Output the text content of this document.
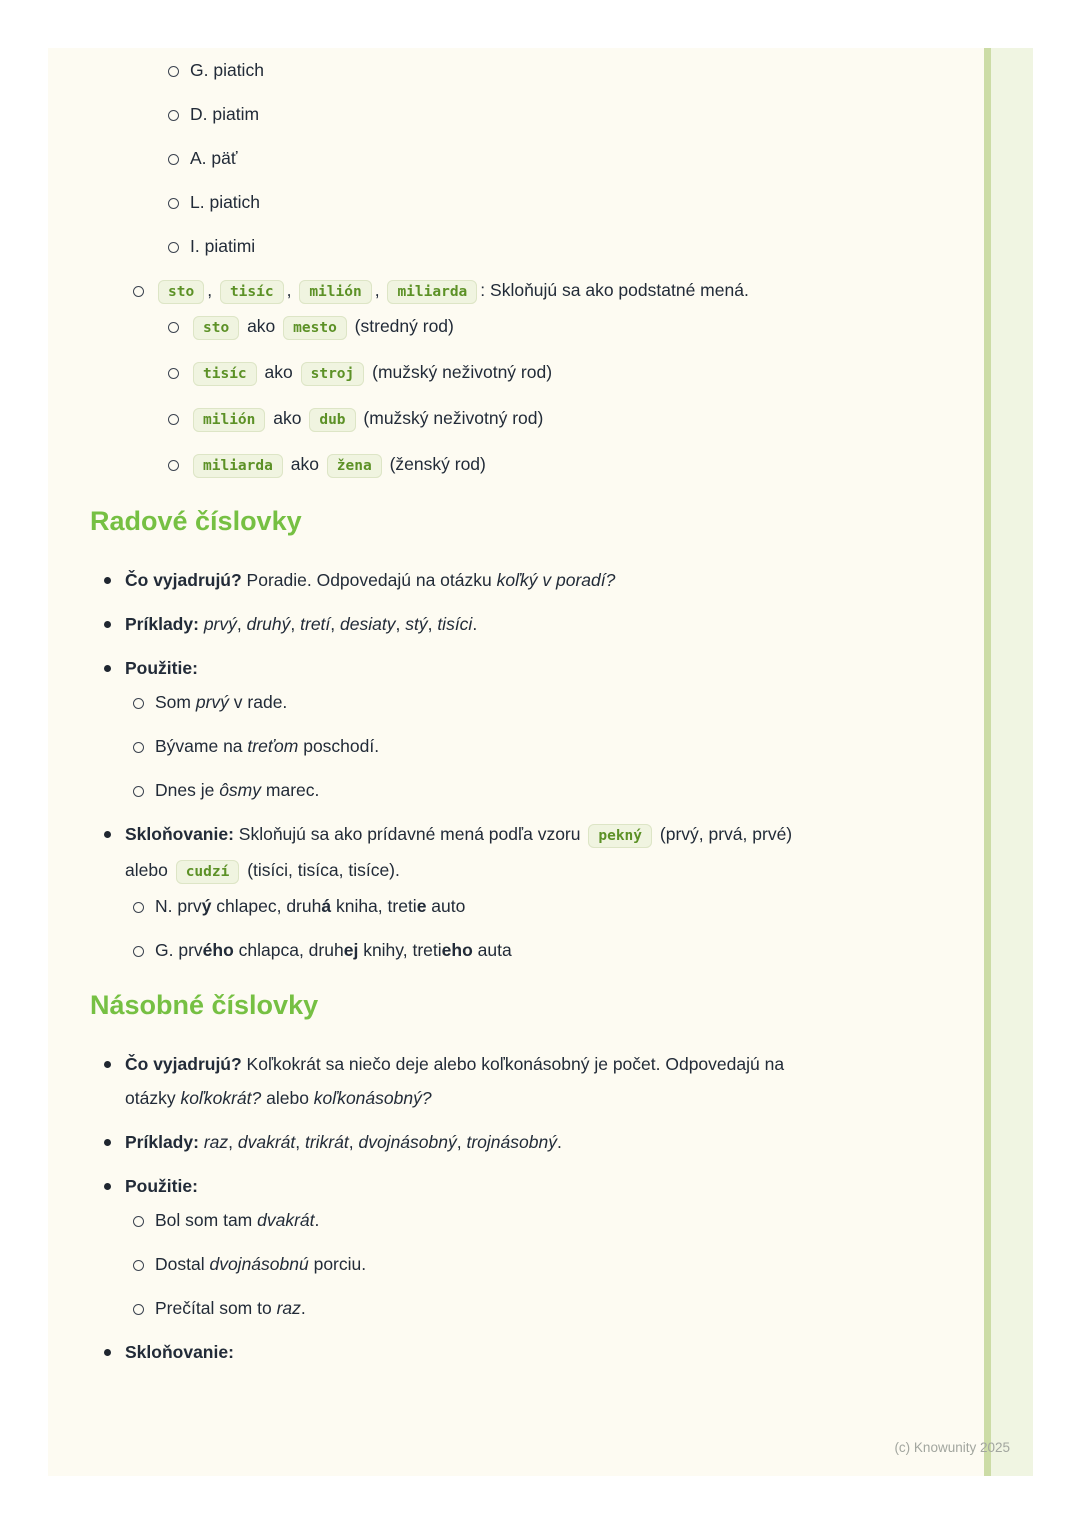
G. piatich
D. piatim
A. päť
L. piatich
I. piatimi
sto , tisíc , milión , miliarda : Skloňujú sa ako podstatné mená.
sto ako mesto (stredný rod)
tisíc ako stroj (mužský neživotný rod)
milión ako dub (mužský neživotný rod)
miliarda ako žena (ženský rod)
Radové číslovky
Čo vyjadrujú? Poradie. Odpovedajú na otázku koľký v poradí?
Príklady: prvý, druhý, tretí, desiaty, stý, tisíci.
Použitie:
Som prvý v rade.
Bývame na treťom poschodí.
Dnes je ôsmy marec.
Skloňovanie: Skloňujú sa ako prídavné mená podľa vzoru pekný (prvý, prvá, prvé) alebo cudzí (tisíci, tisíca, tisíce).
N. prvý chlapec, druhá kniha, tretie auto
G. prvého chlapca, druhej knihy, tretieho auta
Násobné číslovky
Čo vyjadrujú? Koľkokrát sa niečo deje alebo koľkonásobný je počet. Odpovedajú na otázky koľkokrát? alebo koľkonásobný?
Príklady: raz, dvakrát, trikrát, dvojnásobný, trojnásobný.
Použitie:
Bol som tam dvakrát.
Dostal dvojnásobnú porciu.
Prečítal som to raz.
Skloňovanie:
(c) Knowunity 2025
